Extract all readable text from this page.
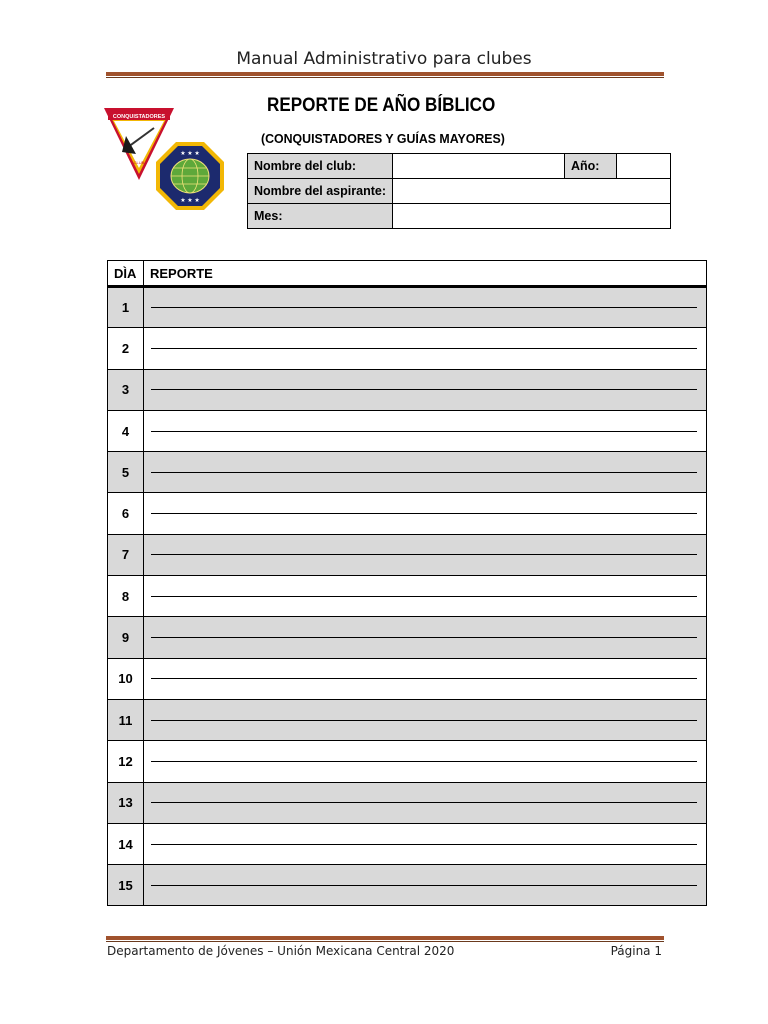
Manual Administrativo para clubes
CONQUISTADORES
CLUB
★ ★ ★
★ ★ ★
REPORTE DE AÑO BÍBLICO
(CONQUISTADORES Y GUÍAS MAYORES)
Nombre del club:		Año:	
Nombre del aspirante:			
Mes:			
DÌA	REPORTE
1	

2	

3	

4	

5	

6	

7	

8	

9	

10	

11	

12	

13	

14	

15	
Departamento de Jóvenes – Unión Mexicana Central 2020	Página 1
